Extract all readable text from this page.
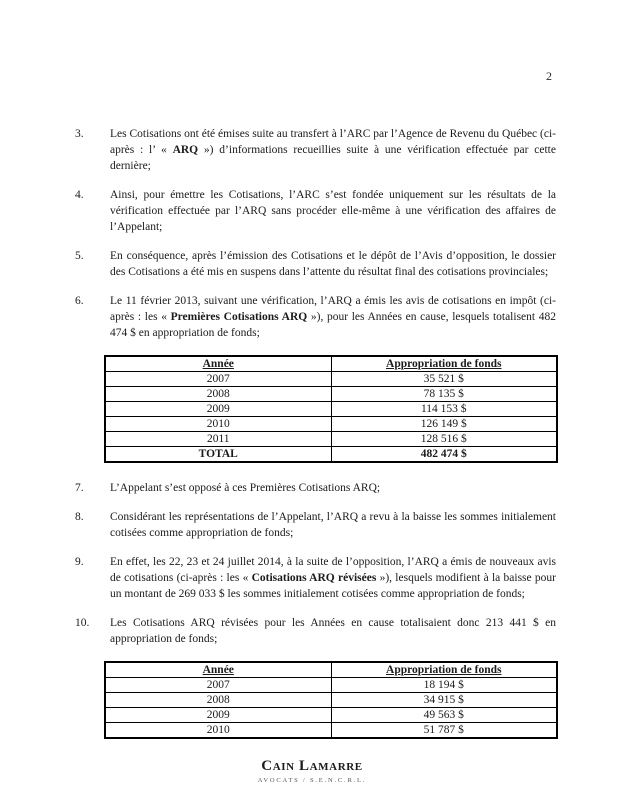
2
3.	Les Cotisations ont été émises suite au transfert à l’ARC par l’Agence de Revenu du Québec (ci-après : l’ « ARQ ») d’informations recueillies suite à une vérification effectuée par cette dernière;
4.	Ainsi, pour émettre les Cotisations, l’ARC s’est fondée uniquement sur les résultats de la vérification effectuée par l’ARQ sans procéder elle-même à une vérification des affaires de l’Appelant;
5.	En conséquence, après l’émission des Cotisations et le dépôt de l’Avis d’opposition, le dossier des Cotisations a été mis en suspens dans l’attente du résultat final des cotisations provinciales;
6.	Le 11 février 2013, suivant une vérification, l’ARQ a émis les avis de cotisations en impôt (ci-après : les « Premières Cotisations ARQ »), pour les Années en cause, lesquels totalisent 482 474 $ en appropriation de fonds;
Année	Appropriation de fonds
2007	35 521 $
2008	78 135 $
2009	114 153 $
2010	126 149 $
2011	128 516 $
TOTAL	482 474 $
7.	L’Appelant s’est opposé à ces Premières Cotisations ARQ;
8.	Considérant les représentations de l’Appelant, l’ARQ a revu à la baisse les sommes initialement cotisées comme appropriation de fonds;
9.	En effet, les 22, 23 et 24 juillet 2014, à la suite de l’opposition, l’ARQ a émis de nouveaux avis de cotisations (ci-après : les « Cotisations ARQ révisées »), lesquels modifient à la baisse pour un montant de 269 033 $ les sommes initialement cotisées comme appropriation de fonds;
10.	Les Cotisations ARQ révisées pour les Années en cause totalisaient donc 213 441 $ en appropriation de fonds;
Année	Appropriation de fonds
2007	18 194 $
2008	34 915 $
2009	49 563 $
2010	51 787 $
Cain Lamarre
AVOCATS / S.E.N.C.R.L.
